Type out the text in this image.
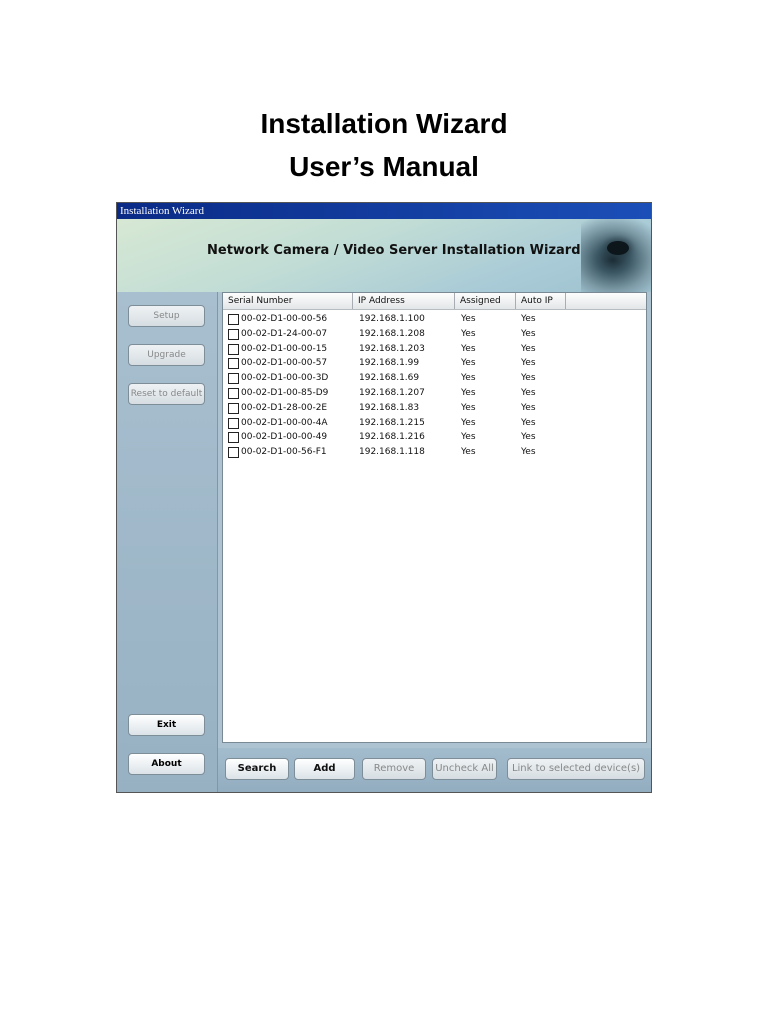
Installation Wizard
User’s Manual
Installation Wizard
Network Camera / Video Server Installation Wizard
Setup
Upgrade
Reset to default
Exit
About
Serial Number	IP Address	Assigned	Auto IP
00-02-D1-00-00-56	192.168.1.100	Yes	Yes
00-02-D1-24-00-07	192.168.1.208	Yes	Yes
00-02-D1-00-00-15	192.168.1.203	Yes	Yes
00-02-D1-00-00-57	192.168.1.99	Yes	Yes
00-02-D1-00-00-3D	192.168.1.69	Yes	Yes
00-02-D1-00-85-D9	192.168.1.207	Yes	Yes
00-02-D1-28-00-2E	192.168.1.83	Yes	Yes
00-02-D1-00-00-4A	192.168.1.215	Yes	Yes
00-02-D1-00-00-49	192.168.1.216	Yes	Yes
00-02-D1-00-56-F1	192.168.1.118	Yes	Yes
Search	Add	Remove	Uncheck All	Link to selected device(s)
